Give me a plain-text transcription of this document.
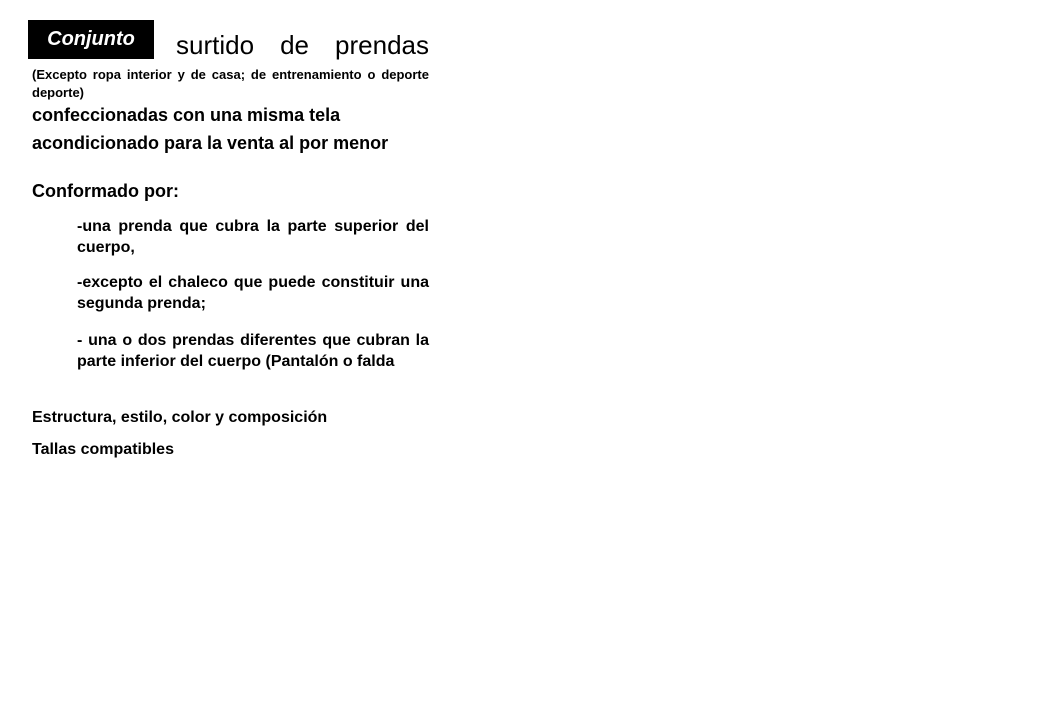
Conjunto	surtido de prendas
(Excepto ropa interior y de casa; de entrenamiento o deporte deporte)
confeccionadas con una misma tela
acondicionado para la venta al por menor
Conformado por:
-una prenda que cubra la parte superior del cuerpo,
-excepto el chaleco que puede constituir una segunda prenda;
- una o dos prendas diferentes que cubran la parte inferior del cuerpo (Pantalón o falda
Estructura, estilo, color y composición
Tallas compatibles
